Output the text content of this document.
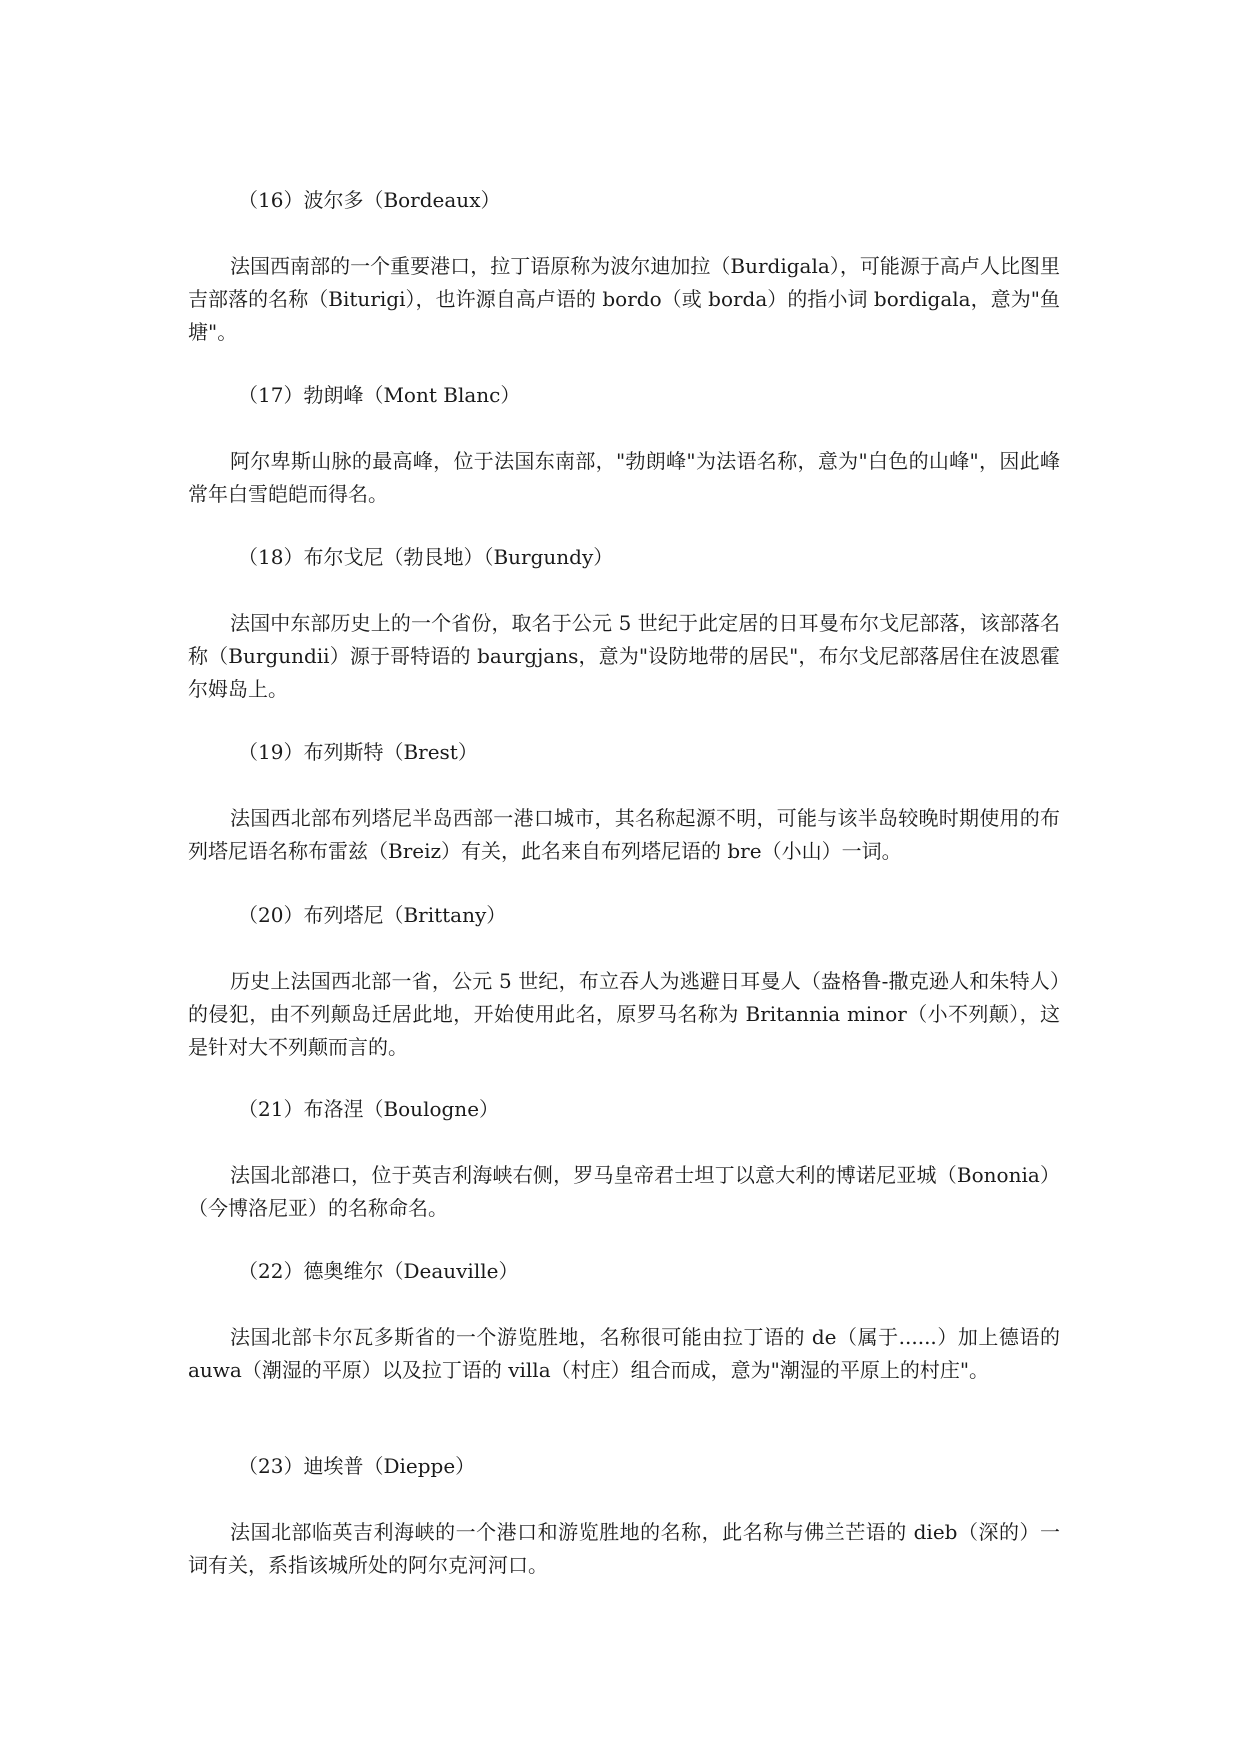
（16）波尔多（Bordeaux）

法国西南部的一个重要港口，拉丁语原称为波尔迪加拉（Burdigala），可能源于高卢人比图里吉部落的名称（Biturigi），也许源自高卢语的 bordo（或 borda）的指小词 bordigala，意为"鱼塘"。

（17）勃朗峰（Mont Blanc）

阿尔卑斯山脉的最高峰，位于法国东南部，"勃朗峰"为法语名称，意为"白色的山峰"，因此峰常年白雪皑皑而得名。

（18）布尔戈尼（勃艮地）（Burgundy）

法国中东部历史上的一个省份，取名于公元 5 世纪于此定居的日耳曼布尔戈尼部落，该部落名称（Burgundii）源于哥特语的 baurgjans，意为"设防地带的居民"，布尔戈尼部落居住在波恩霍尔姆岛上。

（19）布列斯特（Brest）

法国西北部布列塔尼半岛西部一港口城市，其名称起源不明，可能与该半岛较晚时期使用的布列塔尼语名称布雷兹（Breiz）有关，此名来自布列塔尼语的 bre（小山）一词。

（20）布列塔尼（Brittany）

历史上法国西北部一省，公元 5 世纪，布立吞人为逃避日耳曼人（盎格鲁-撒克逊人和朱特人）的侵犯，由不列颠岛迁居此地，开始使用此名，原罗马名称为 Britannia minor（小不列颠），这是针对大不列颠而言的。

（21）布洛涅（Boulogne）

法国北部港口，位于英吉利海峡右侧，罗马皇帝君士坦丁以意大利的博诺尼亚城（Bononia）（今博洛尼亚）的名称命名。

（22）德奥维尔（Deauville）

法国北部卡尔瓦多斯省的一个游览胜地，名称很可能由拉丁语的 de（属于......）加上德语的 auwa（潮湿的平原）以及拉丁语的 villa（村庄）组合而成，意为"潮湿的平原上的村庄"。

（23）迪埃普（Dieppe）

法国北部临英吉利海峡的一个港口和游览胜地的名称，此名称与佛兰芒语的 dieb（深的）一词有关，系指该城所处的阿尔克河河口。
